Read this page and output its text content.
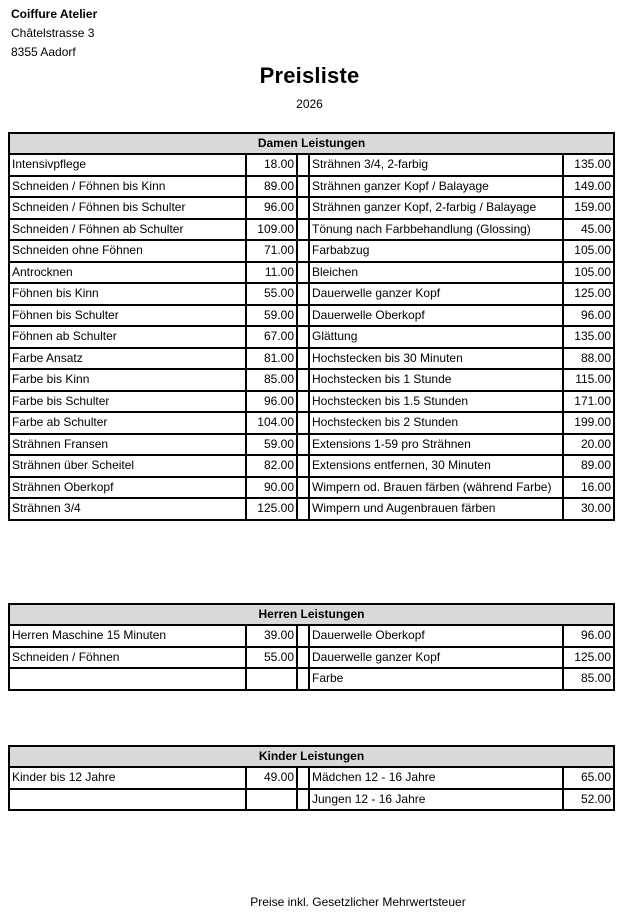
Coiffure Atelier
Châtelstrasse 3
8355 Aadorf
Preisliste
2026
Damen Leistungen				
Intensivpflege	18.00		Strähnen 3/4, 2-farbig	135.00
Schneiden / Föhnen bis Kinn	89.00		Strähnen ganzer Kopf / Balayage	149.00
Schneiden / Föhnen bis Schulter	96.00		Strähnen ganzer Kopf, 2-farbig / Balayage	159.00
Schneiden / Föhnen ab Schulter	109.00		Tönung nach Farbbehandlung (Glossing)	45.00
Schneiden ohne Föhnen	71.00		Farbabzug	105.00
Antrocknen	11.00		Bleichen	105.00
Föhnen bis Kinn	55.00		Dauerwelle ganzer Kopf	125.00
Föhnen bis Schulter	59.00		Dauerwelle Oberkopf	96.00
Föhnen ab Schulter	67.00		Glättung	135.00
Farbe Ansatz	81.00		Hochstecken bis 30 Minuten	88.00
Farbe bis Kinn	85.00		Hochstecken bis 1 Stunde	115.00
Farbe bis Schulter	96.00		Hochstecken bis 1.5 Stunden	171.00
Farbe ab Schulter	104.00		Hochstecken bis 2 Stunden	199.00
Strähnen Fransen	59.00		Extensions 1-59 pro Strähnen	20.00
Strähnen über Scheitel	82.00		Extensions entfernen, 30 Minuten	89.00
Strähnen Oberkopf	90.00		Wimpern od. Brauen färben (während Farbe)	16.00
Strähnen 3/4	125.00		Wimpern und Augenbrauen färben	30.00
Herren Leistungen				
Herren Maschine 15 Minuten	39.00		Dauerwelle Oberkopf	96.00
Schneiden / Föhnen	55.00		Dauerwelle ganzer Kopf	125.00
			Farbe	85.00
Kinder Leistungen				
Kinder bis 12 Jahre	49.00		Mädchen 12 - 16 Jahre	65.00
			Jungen 12 - 16 Jahre	52.00
Preise inkl. Gesetzlicher Mehrwertsteuer
